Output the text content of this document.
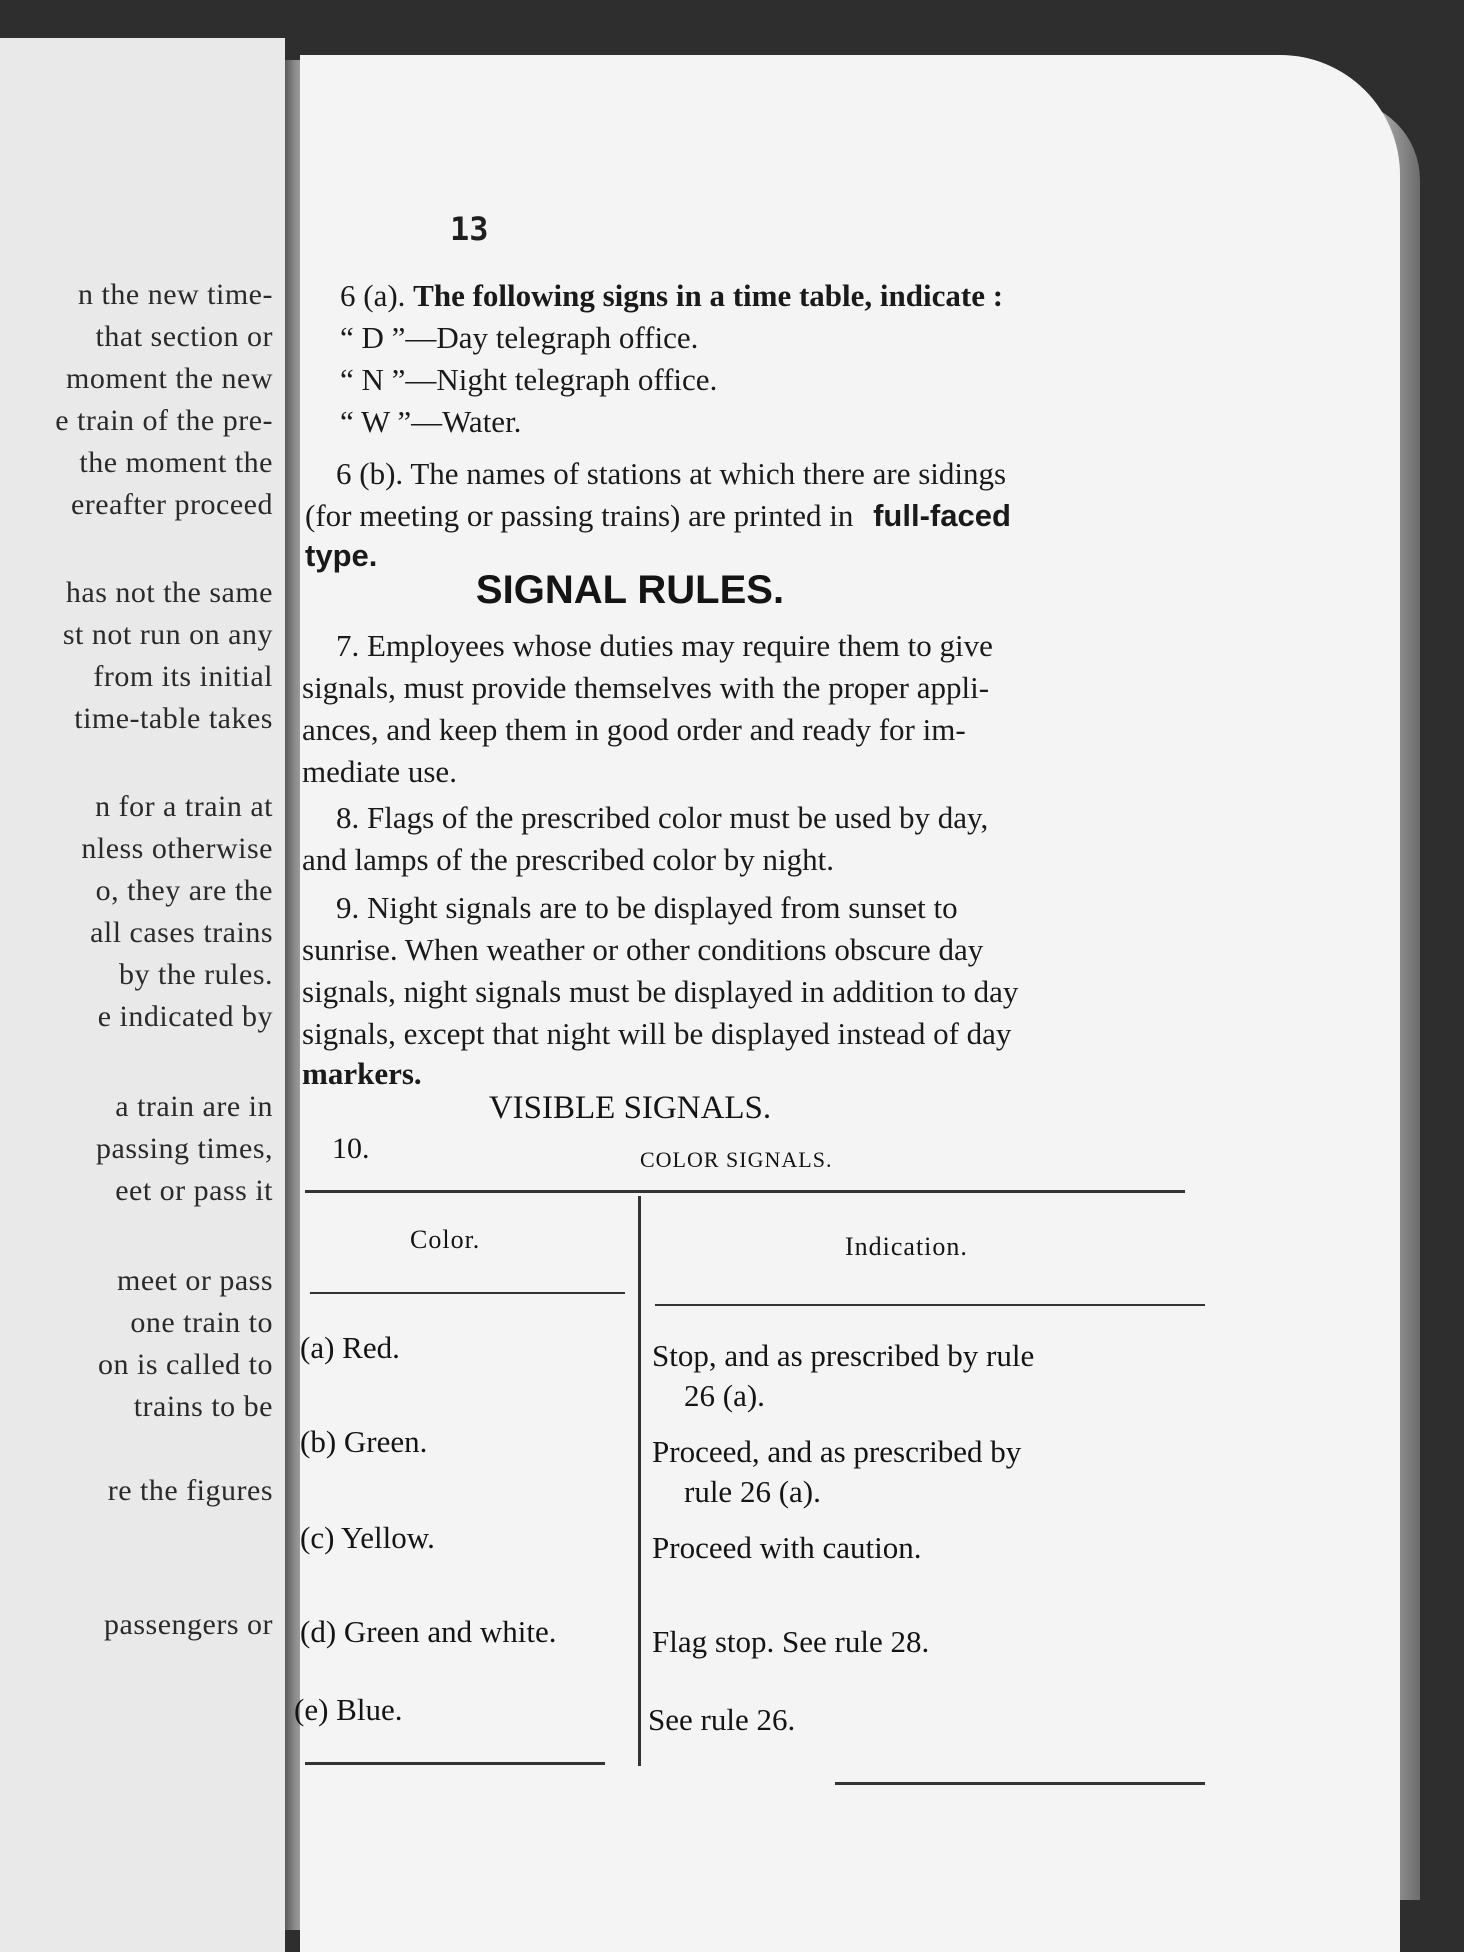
n the new time-
that section or
moment the new
e train of the pre-
the moment the
ereafter proceed
has not the same
st not run on any
from its initial
time-table takes
n for a train at
nless otherwise
o, they are the
all cases trains
by the rules.
e indicated by
a train are in
passing times,
eet or pass it
meet or pass
one train to
on is called to
trains to be
re the figures
passengers or
13
6 (a). The following signs in a time table, indicate :
“ D ”—Day telegraph office.
“ N ”—Night telegraph office.
“ W ”—Water.
6 (b). The names of stations at which there are sidings
(for meeting or passing trains) are printed in full-faced
type.
SIGNAL RULES.
7. Employees whose duties may require them to give
signals, must provide themselves with the proper appli-
ances, and keep them in good order and ready for im-
mediate use.
8. Flags of the prescribed color must be used by day,
and lamps of the prescribed color by night.
9. Night signals are to be displayed from sunset to
sunrise. When weather or other conditions obscure day
signals, night signals must be displayed in addition to day
signals, except that night will be displayed instead of day
markers.
VISIBLE SIGNALS.
10.	COLOR SIGNALS.
Color.	Indication.
(a) Red.	Stop, and as prescribed by rule
26 (a).
(b) Green.	Proceed, and as prescribed by
rule 26 (a).
(c) Yellow.	Proceed with caution.
(d) Green and white.	Flag stop. See rule 28.
(e) Blue.	See rule 26.
